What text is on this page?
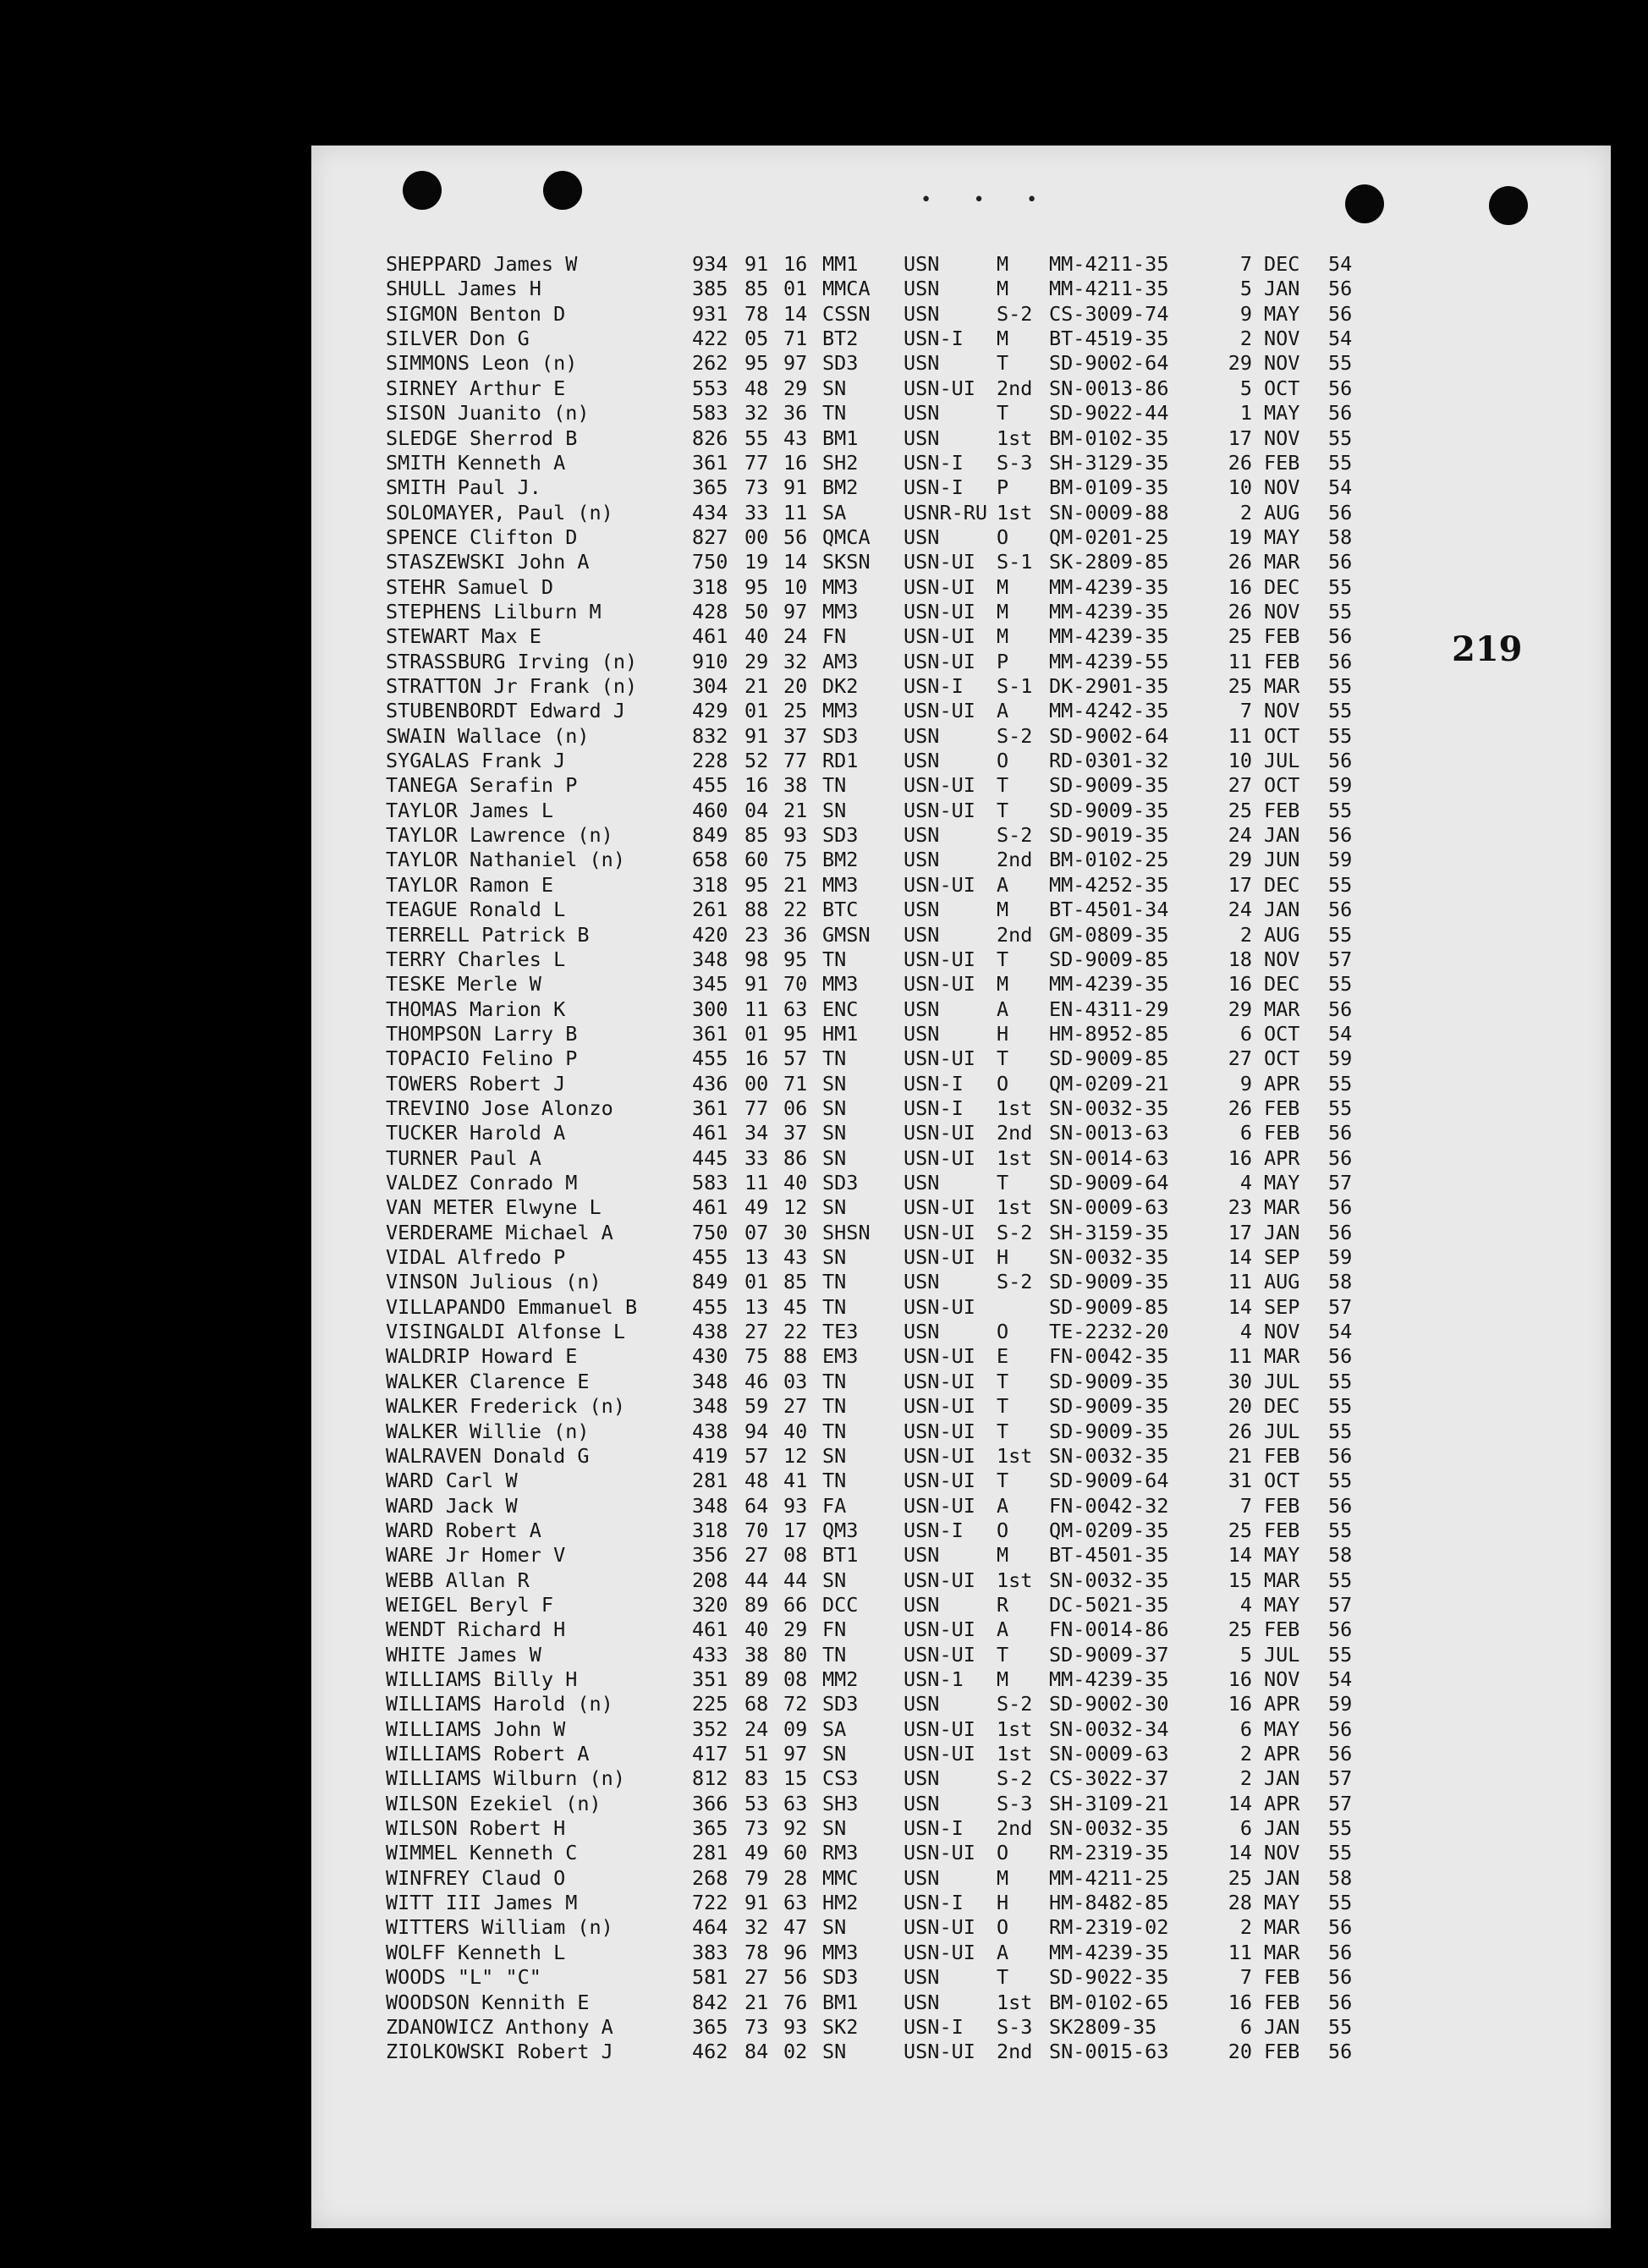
• • •
219
SHEPPARD James W	934 91 16 MM1 USN	M MM-4211-35	7 DEC 54
SHULL James H	385 85 01 MMCA USN	M MM-4211-35	5 JAN 56
SIGMON Benton D	931 78 14 CSSN USN	S-2 CS-3009-74	9 MAY 56
SILVER Don G	422 05 71 BT2 USN-I M BT-4519-35	2 NOV 54
SIMMONS Leon (n)	262 95 97 SD3 USN	T SD-9002-64	29 NOV 55
SIRNEY Arthur E	553 48 29 SN	USN-UI 2nd SN-0013-86	5 OCT 56
SISON Juanito (n)	583 32 36 TN	USN	T SD-9022-44	1 MAY 56
SLEDGE Sherrod B	826 55 43 BM1 USN	1st BM-0102-35	17 NOV 55
SMITH Kenneth A	361 77 16 SH2 USN-I S-3 SH-3129-35	26 FEB 55
SMITH Paul J.	365 73 91 BM2 USN-I P BM-0109-35	10 NOV 54
SOLOMAYER, Paul (n)	434 33 11 SA	USNR-RU 1st SN-0009-88	2 AUG 56
SPENCE Clifton D	827 00 56 QMCA USN	O QM-0201-25	19 MAY 58
STASZEWSKI John A	750 19 14 SKSN USN-UI S-1 SK-2809-85	26 MAR 56
STEHR Samuel D	318 95 10 MM3 USN-UI M MM-4239-35	16 DEC 55
STEPHENS Lilburn M	428 50 97 MM3 USN-UI M MM-4239-35	26 NOV 55
STEWART Max E	461 40 24 FN	USN-UI M MM-4239-35	25 FEB 56
STRASSBURG Irving (n)	910 29 32 AM3 USN-UI P MM-4239-55	11 FEB 56
STRATTON Jr Frank (n)	304 21 20 DK2 USN-I S-1 DK-2901-35	25 MAR 55
STUBENBORDT Edward J	429 01 25 MM3 USN-UI A MM-4242-35	7 NOV 55
SWAIN Wallace (n)	832 91 37 SD3 USN	S-2 SD-9002-64	11 OCT 55
SYGALAS Frank J	228 52 77 RD1 USN	O RD-0301-32	10 JUL 56
TANEGA Serafin P	455 16 38 TN	USN-UI T SD-9009-35	27 OCT 59
TAYLOR James L	460 04 21 SN	USN-UI T SD-9009-35	25 FEB 55
TAYLOR Lawrence (n)	849 85 93 SD3 USN	S-2 SD-9019-35	24 JAN 56
TAYLOR Nathaniel (n)	658 60 75 BM2 USN	2nd BM-0102-25	29 JUN 59
TAYLOR Ramon E	318 95 21 MM3 USN-UI A MM-4252-35	17 DEC 55
TEAGUE Ronald L	261 88 22 BTC USN	M BT-4501-34	24 JAN 56
TERRELL Patrick B	420 23 36 GMSN USN	2nd GM-0809-35	2 AUG 55
TERRY Charles L	348 98 95 TN	USN-UI T SD-9009-85	18 NOV 57
TESKE Merle W	345 91 70 MM3 USN-UI M MM-4239-35	16 DEC 55
THOMAS Marion K	300 11 63 ENC USN	A EN-4311-29	29 MAR 56
THOMPSON Larry B	361 01 95 HM1 USN	H HM-8952-85	6 OCT 54
TOPACIO Felino P	455 16 57 TN	USN-UI T SD-9009-85	27 OCT 59
TOWERS Robert J	436 00 71 SN	USN-I O QM-0209-21	9 APR 55
TREVINO Jose Alonzo	361 77 06 SN	USN-I 1st SN-0032-35	26 FEB 55
TUCKER Harold A	461 34 37 SN	USN-UI 2nd SN-0013-63	6 FEB 56
TURNER Paul A	445 33 86 SN	USN-UI 1st SN-0014-63	16 APR 56
VALDEZ Conrado M	583 11 40 SD3 USN	T SD-9009-64	4 MAY 57
VAN METER Elwyne L	461 49 12 SN	USN-UI 1st SN-0009-63	23 MAR 56
VERDERAME Michael A	750 07 30 SHSN USN-UI S-2 SH-3159-35	17 JAN 56
VIDAL Alfredo P	455 13 43 SN	USN-UI H SN-0032-35	14 SEP 59
VINSON Julious (n)	849 01 85 TN	USN	S-2 SD-9009-35	11 AUG 58
VILLAPANDO Emmanuel B	455 13 45 TN	USN-UI	SD-9009-85	14 SEP 57
VISINGALDI Alfonse L	438 27 22 TE3 USN	O TE-2232-20	4 NOV 54
WALDRIP Howard E	430 75 88 EM3 USN-UI E FN-0042-35	11 MAR 56
WALKER Clarence E	348 46 03 TN	USN-UI T SD-9009-35	30 JUL 55
WALKER Frederick (n)	348 59 27 TN	USN-UI T SD-9009-35	20 DEC 55
WALKER Willie (n)	438 94 40 TN	USN-UI T SD-9009-35	26 JUL 55
WALRAVEN Donald G	419 57 12 SN	USN-UI 1st SN-0032-35	21 FEB 56
WARD Carl W	281 48 41 TN	USN-UI T SD-9009-64	31 OCT 55
WARD Jack W	348 64 93 FA	USN-UI A FN-0042-32	7 FEB 56
WARD Robert A	318 70 17 QM3 USN-I O QM-0209-35	25 FEB 55
WARE Jr Homer V	356 27 08 BT1 USN	M BT-4501-35	14 MAY 58
WEBB Allan R	208 44 44 SN	USN-UI 1st SN-0032-35	15 MAR 55
WEIGEL Beryl F	320 89 66 DCC USN	R DC-5021-35	4 MAY 57
WENDT Richard H	461 40 29 FN	USN-UI A FN-0014-86	25 FEB 56
WHITE James W	433 38 80 TN	USN-UI T SD-9009-37	5 JUL 55
WILLIAMS Billy H	351 89 08 MM2 USN-1 M MM-4239-35	16 NOV 54
WILLIAMS Harold (n)	225 68 72 SD3 USN	S-2 SD-9002-30	16 APR 59
WILLIAMS John W	352 24 09 SA	USN-UI 1st SN-0032-34	6 MAY 56
WILLIAMS Robert A	417 51 97 SN	USN-UI 1st SN-0009-63	2 APR 56
WILLIAMS Wilburn (n)	812 83 15 CS3 USN	S-2 CS-3022-37	2 JAN 57
WILSON Ezekiel (n)	366 53 63 SH3 USN	S-3 SH-3109-21	14 APR 57
WILSON Robert H	365 73 92 SN	USN-I 2nd SN-0032-35	6 JAN 55
WIMMEL Kenneth C	281 49 60 RM3 USN-UI O RM-2319-35	14 NOV 55
WINFREY Claud O	268 79 28 MMC USN	M MM-4211-25	25 JAN 58
WITT III James M	722 91 63 HM2 USN-I H HM-8482-85	28 MAY 55
WITTERS William (n)	464 32 47 SN	USN-UI O RM-2319-02	2 MAR 56
WOLFF Kenneth L	383 78 96 MM3 USN-UI A MM-4239-35	11 MAR 56
WOODS "L" "C"	581 27 56 SD3 USN	T SD-9022-35	7 FEB 56
WOODSON Kennith E	842 21 76 BM1 USN	1st BM-0102-65	16 FEB 56
ZDANOWICZ Anthony A	365 73 93 SK2 USN-I S-3 SK2809-35	6 JAN 55
ZIOLKOWSKI Robert J	462 84 02 SN	USN-UI 2nd SN-0015-63	20 FEB 56
